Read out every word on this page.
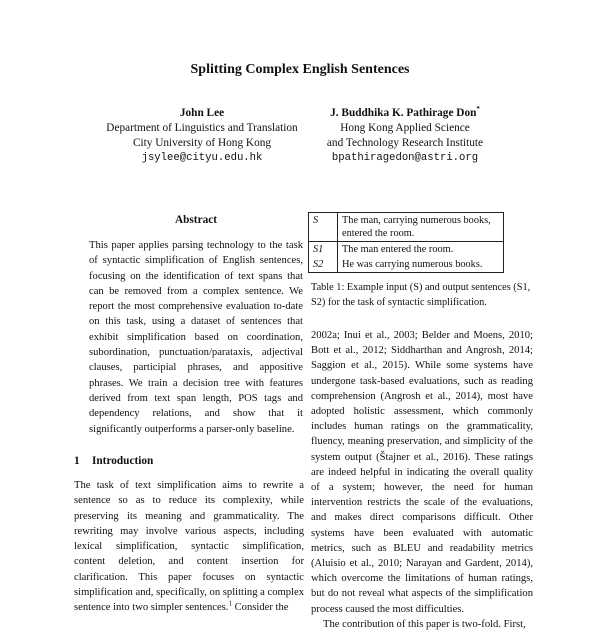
Splitting Complex English Sentences
John Lee
Department of Linguistics and Translation
City University of Hong Kong
jsylee@cityu.edu.hk
J. Buddhika K. Pathirage Don*
Hong Kong Applied Science
and Technology Research Institute
bpathiragedon@astri.org
Abstract
This paper applies parsing technology to the task of syntactic simplification of English sentences, focusing on the identification of text spans that can be removed from a complex sentence. We report the most comprehensive evaluation to-date on this task, using a dataset of sentences that exhibit simplification based on coordination, subordination, punctuation/parataxis, adjectival clauses, participial phrases, and appositive phrases. We train a decision tree with features derived from text span length, POS tags and dependency relations, and show that it significantly outperforms a parser-only baseline.
1 Introduction
The task of text simplification aims to rewrite a sentence so as to reduce its complexity, while preserving its meaning and grammaticality. The rewriting may involve various aspects, including lexical simplification, syntactic simplification, content deletion, and content insertion for clarification. This paper focuses on syntactic simplification and, specifically, on splitting a complex sentence into two simpler sentences.$^1$ Consider the
S	The man, carrying numerous books, entered the room.
S1	The man entered the room.
S2	He was carrying numerous books.
Table 1: Example input (S) and output sentences (S1, S2) for the task of syntactic simplification.

2002a; Inui et al., 2003; Belder and Moens, 2010; Bott et al., 2012; Siddharthan and Angrosh, 2014; Saggion et al., 2015). While some systems have undergone task-based evaluations, such as reading comprehension (Angrosh et al., 2014), most have adopted holistic assessment, which commonly includes human ratings on the grammaticality, fluency, meaning preservation, and simplicity of the system output (Štajner et al., 2016). These ratings are indeed helpful in indicating the overall quality of a system; however, the need for human intervention restricts the scale of the evaluations, and makes direct comparisons difficult. Other systems have been evaluated with automatic metrics, such as BLEU and readability metrics (Aluisio et al., 2010; Narayan and Gardent, 2014), which overcome the limitations of human ratings, but do not reveal what aspects of the simplification process caused the most difficulties.

The contribution of this paper is two-fold. First,
